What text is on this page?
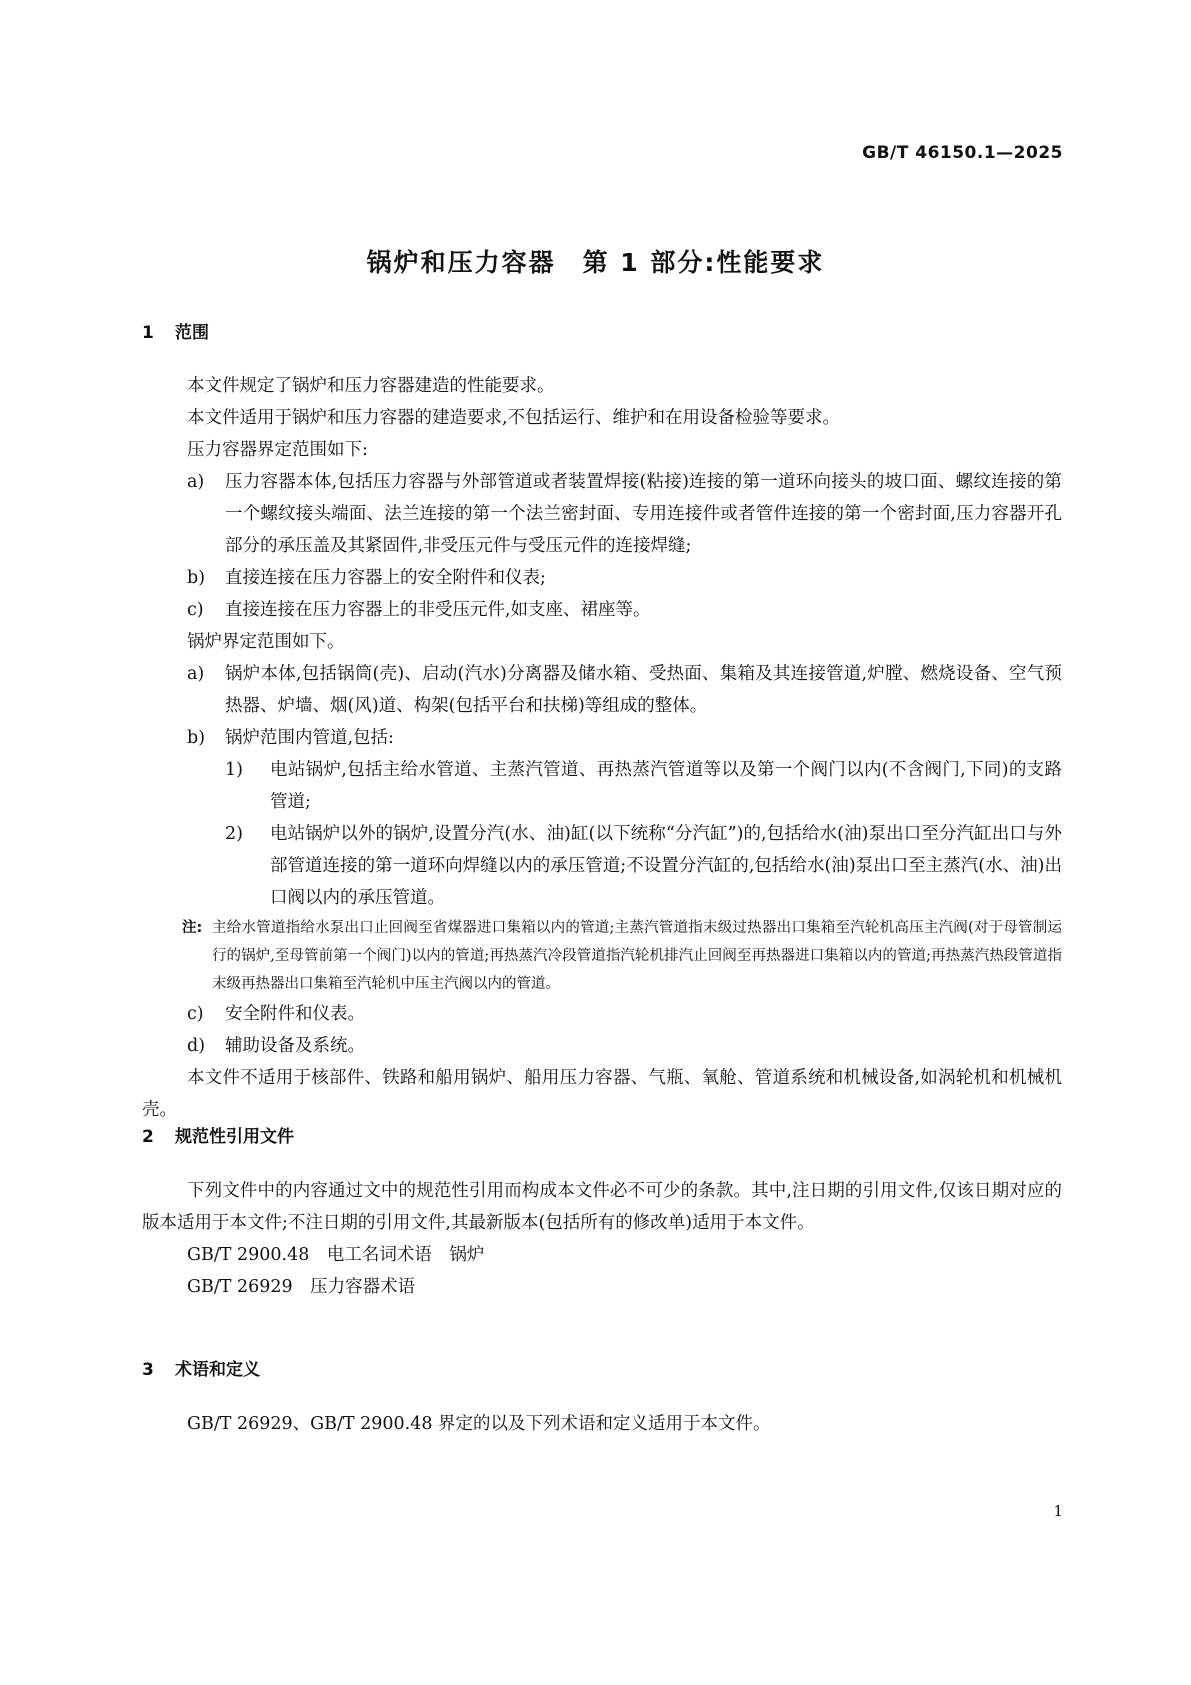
GB/T 46150.1—2025
锅炉和压力容器　第 1 部分:性能要求
1 范围

本文件规定了锅炉和压力容器建造的性能要求。

本文件适用于锅炉和压力容器的建造要求,不包括运行、维护和在用设备检验等要求。

压力容器界定范围如下:

a) 压力容器本体,包括压力容器与外部管道或者装置焊接(粘接)连接的第一道环向接头的坡口面、螺纹连接的第一个螺纹接头端面、法兰连接的第一个法兰密封面、专用连接件或者管件连接的第一个密封面,压力容器开孔部分的承压盖及其紧固件,非受压元件与受压元件的连接焊缝;
b) 直接连接在压力容器上的安全附件和仪表;
c) 直接连接在压力容器上的非受压元件,如支座、裙座等。

锅炉界定范围如下。

a) 锅炉本体,包括锅筒(壳)、启动(汽水)分离器及储水箱、受热面、集箱及其连接管道,炉膛、燃烧设备、空气预热器、炉墙、烟(风)道、构架(包括平台和扶梯)等组成的整体。
b) 锅炉范围内管道,包括:
1) 电站锅炉,包括主给水管道、主蒸汽管道、再热蒸汽管道等以及第一个阀门以内(不含阀门,下同)的支路管道;
2) 电站锅炉以外的锅炉,设置分汽(水、油)缸(以下统称“分汽缸”)的,包括给水(油)泵出口至分汽缸出口与外部管道连接的第一道环向焊缝以内的承压管道;不设置分汽缸的,包括给水(油)泵出口至主蒸汽(水、油)出口阀以内的承压管道。
注: 主给水管道指给水泵出口止回阀至省煤器进口集箱以内的管道;主蒸汽管道指末级过热器出口集箱至汽轮机高压主汽阀(对于母管制运行的锅炉,至母管前第一个阀门)以内的管道;再热蒸汽冷段管道指汽轮机排汽止回阀至再热器进口集箱以内的管道;再热蒸汽热段管道指末级再热器出口集箱至汽轮机中压主汽阀以内的管道。
c) 安全附件和仪表。
d) 辅助设备及系统。

本文件不适用于核部件、铁路和船用锅炉、船用压力容器、气瓶、氧舱、管道系统和机械设备,如涡轮机和机械机壳。

2 规范性引用文件

下列文件中的内容通过文中的规范性引用而构成本文件必不可少的条款。其中,注日期的引用文件,仅该日期对应的版本适用于本文件;不注日期的引用文件,其最新版本(包括所有的修改单)适用于本文件。

GB/T 2900.48　电工名词术语　锅炉

GB/T 26929　压力容器术语

3 术语和定义

GB/T 26929、GB/T 2900.48 界定的以及下列术语和定义适用于本文件。

1
